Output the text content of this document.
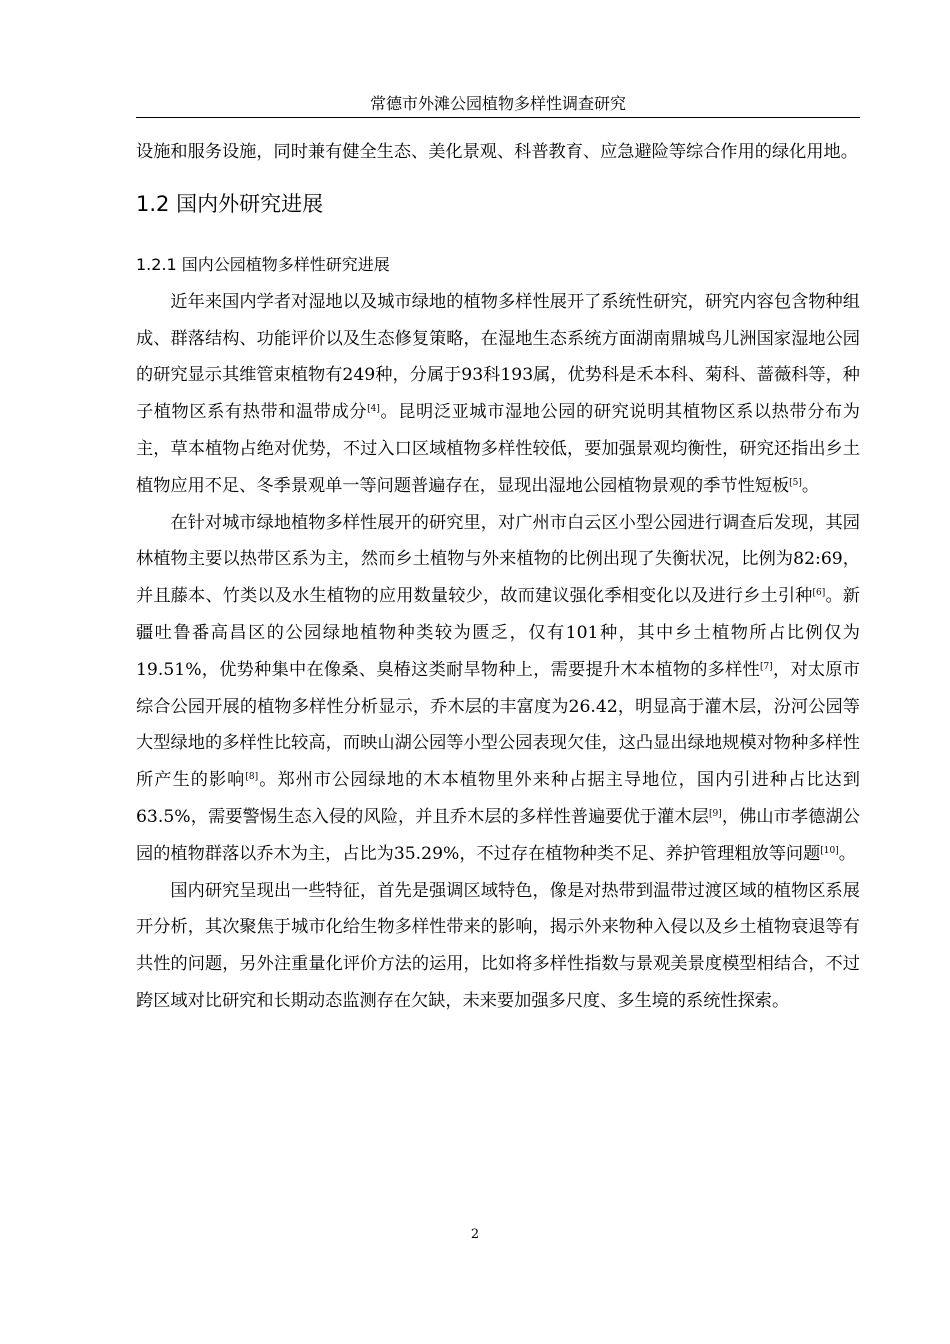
常德市外滩公园植物多样性调查研究

设施和服务设施，同时兼有健全生态、美化景观、科普教育、应急避险等综合作用的绿化用地。

1.2 国内外研究进展
1.2.1 国内公园植物多样性研究进展

近年来国内学者对湿地以及城市绿地的植物多样性展开了系统性研究，研究内容包含物种组成、群落结构、功能评价以及生态修复策略，在湿地生态系统方面湖南鼎城鸟儿洲国家湿地公园的研究显示其维管束植物有249种，分属于93科193属，优势科是禾本科、菊科、蔷薇科等，种子植物区系有热带和温带成分[4]。昆明泛亚城市湿地公园的研究说明其植物区系以热带分布为主，草本植物占绝对优势，不过入口区域植物多样性较低，要加强景观均衡性，研究还指出乡土植物应用不足、冬季景观单一等问题普遍存在，显现出湿地公园植物景观的季节性短板[5]。

在针对城市绿地植物多样性展开的研究里，对广州市白云区小型公园进行调查后发现，其园林植物主要以热带区系为主，然而乡土植物与外来植物的比例出现了失衡状况，比例为82:69，并且藤本、竹类以及水生植物的应用数量较少，故而建议强化季相变化以及进行乡土引种[6]。新疆吐鲁番高昌区的公园绿地植物种类较为匮乏，仅有101种，其中乡土植物所占比例仅为19.51%，优势种集中在像桑、臭椿这类耐旱物种上，需要提升木本植物的多样性[7]，对太原市综合公园开展的植物多样性分析显示，乔木层的丰富度为26.42，明显高于灌木层，汾河公园等大型绿地的多样性比较高，而映山湖公园等小型公园表现欠佳，这凸显出绿地规模对物种多样性所产生的影响[8]。郑州市公园绿地的木本植物里外来种占据主导地位，国内引进种占比达到63.5%，需要警惕生态入侵的风险，并且乔木层的多样性普遍要优于灌木层[9]，佛山市孝德湖公园的植物群落以乔木为主，占比为35.29%，不过存在植物种类不足、养护管理粗放等问题[10]。

国内研究呈现出一些特征，首先是强调区域特色，像是对热带到温带过渡区域的植物区系展开分析，其次聚焦于城市化给生物多样性带来的影响，揭示外来物种入侵以及乡土植物衰退等有共性的问题，另外注重量化评价方法的运用，比如将多样性指数与景观美景度模型相结合，不过跨区域对比研究和长期动态监测存在欠缺，未来要加强多尺度、多生境的系统性探索。

2
